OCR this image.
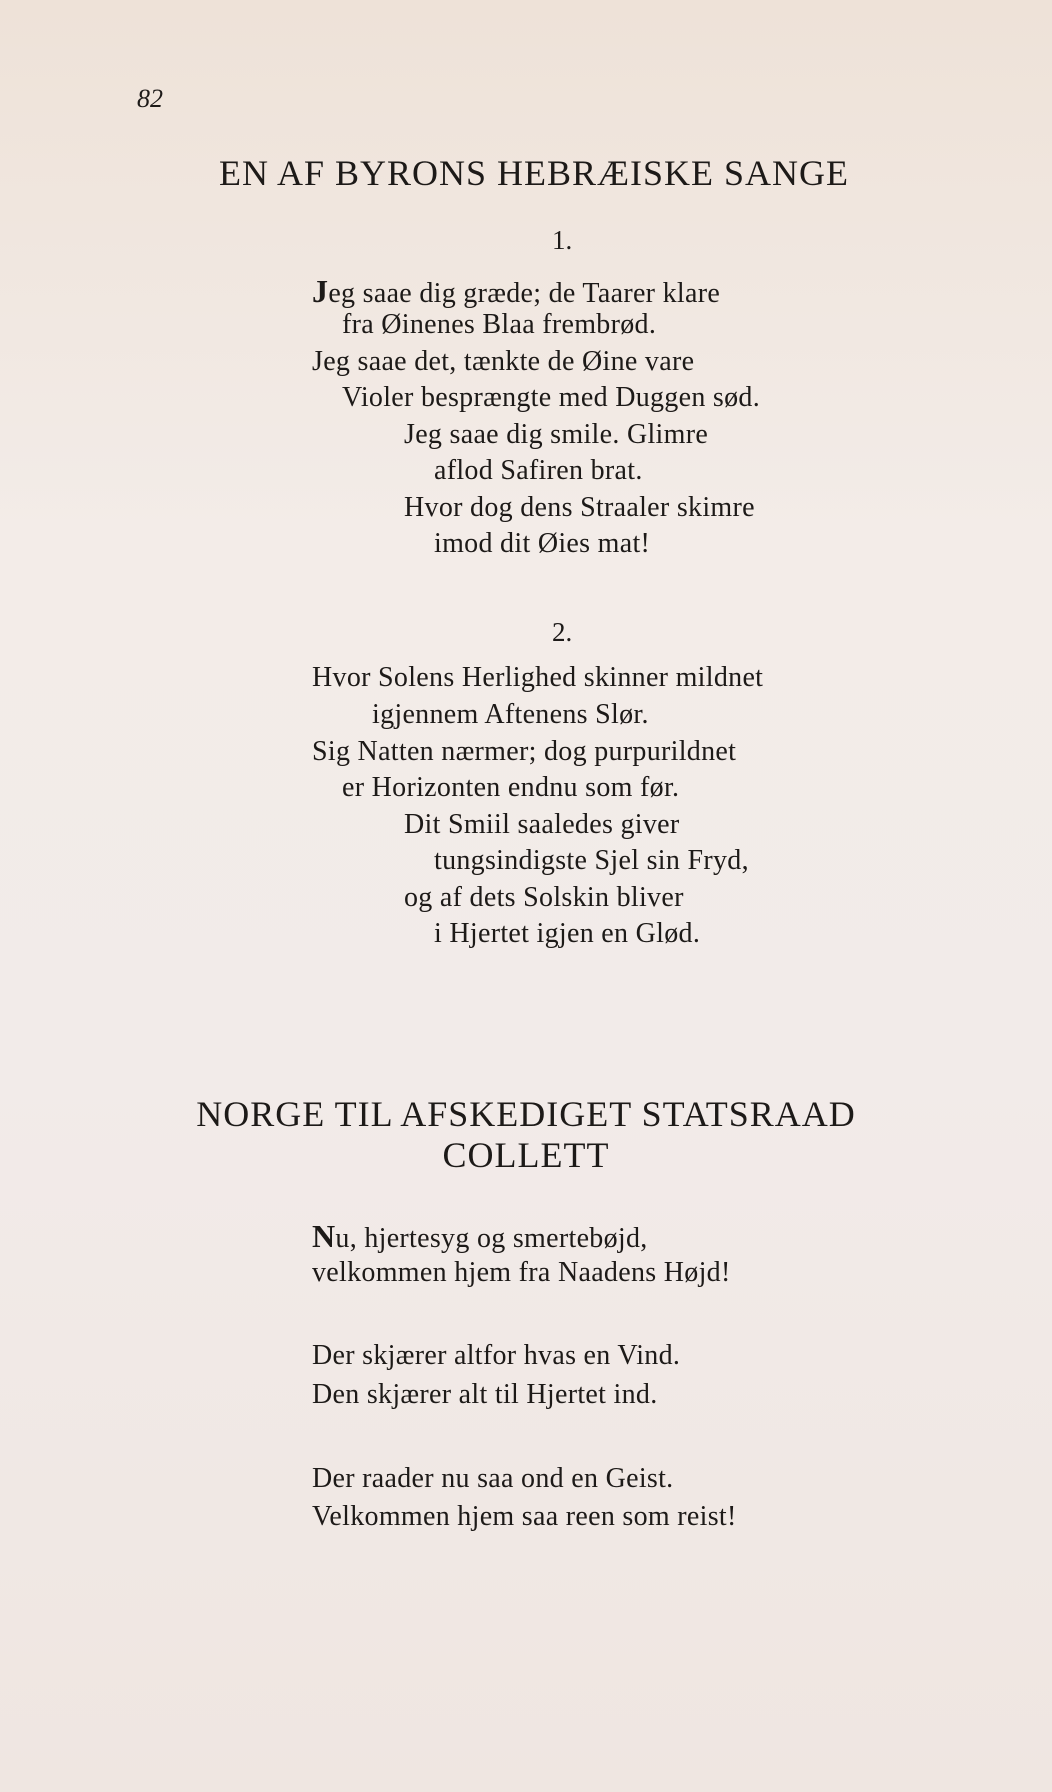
82
EN AF BYRONS HEBRÆISKE SANGE
1.
Jeg saae dig græde; de Taarer klare
fra Øinenes Blaa frembrød.
Jeg saae det, tænkte de Øine vare
Violer besprængte med Duggen sød.
Jeg saae dig smile. Glimre
aflod Safiren brat.
Hvor dog dens Straaler skimre
imod dit Øies mat!
2.
Hvor Solens Herlighed skinner mildnet
igjennem Aftenens Slør.
Sig Natten nærmer; dog purpurildnet
er Horizonten endnu som før.
Dit Smiil saaledes giver
tungsindigste Sjel sin Fryd,
og af dets Solskin bliver
i Hjertet igjen en Glød.
NORGE TIL AFSKEDIGET STATSRAAD
COLLETT
Nu, hjertesyg og smertebøjd,
velkommen hjem fra Naadens Højd!
Der skjærer altfor hvas en Vind.
Den skjærer alt til Hjertet ind.
Der raader nu saa ond en Geist.
Velkommen hjem saa reen som reist!
